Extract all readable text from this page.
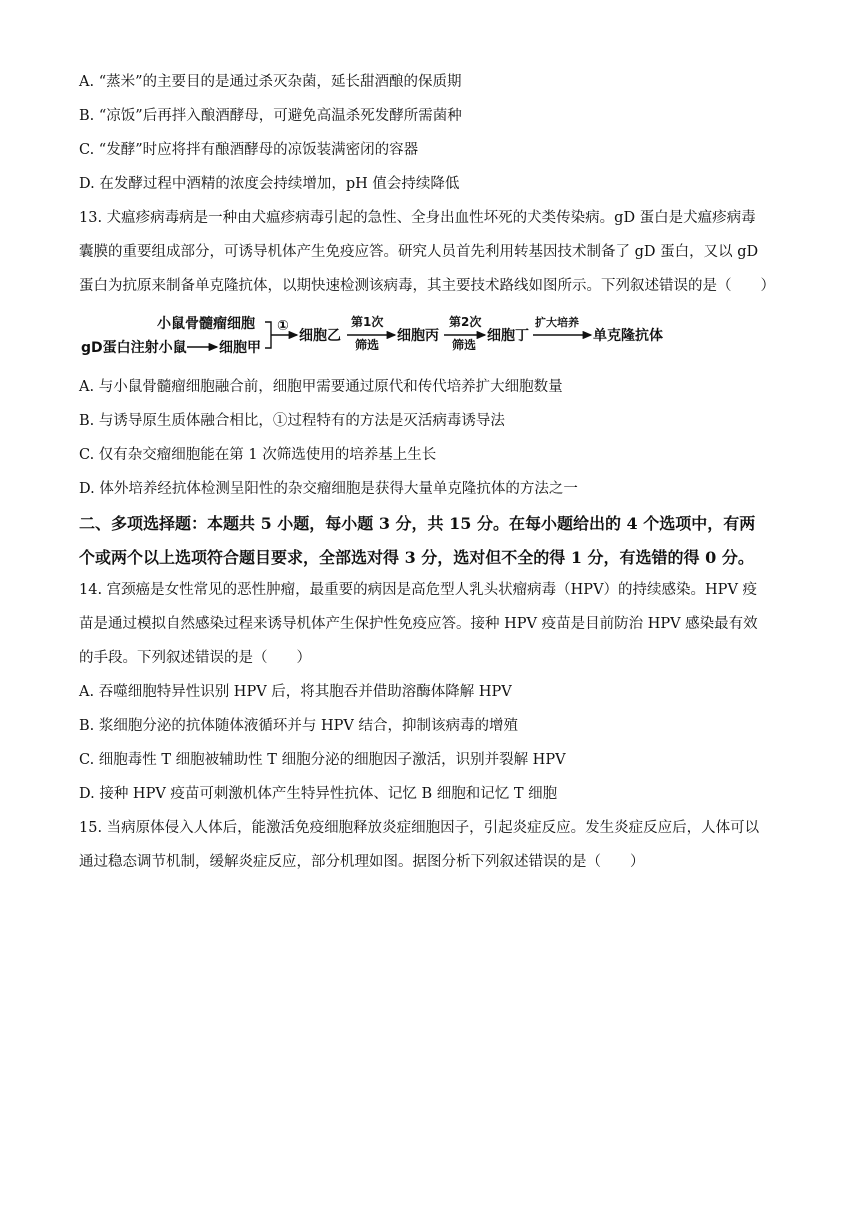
A. “蒸米”的主要目的是通过杀灭杂菌，延长甜酒酿的保质期
B. “凉饭”后再拌入酿酒酵母，可避免高温杀死发酵所需菌种
C. “发酵”时应将拌有酿酒酵母的凉饭装满密闭的容器
D. 在发酵过程中酒精的浓度会持续增加，pH 值会持续降低
13. 犬瘟疹病毒病是一种由犬瘟疹病毒引起的急性、全身出血性坏死的犬类传染病。gD 蛋白是犬瘟疹病毒
囊膜的重要组成部分，可诱导机体产生免疫应答。研究人员首先利用转基因技术制备了 gD 蛋白，又以 gD
蛋白为抗原来制备单克隆抗体，以期快速检测该病毒，其主要技术路线如图所示。下列叙述错误的是（　　）
小鼠骨髓瘤细胞
gD蛋白注射小鼠 细胞甲
①
细胞乙
第1次
筛选
细胞丙
第2次
筛选
细胞丁
扩大培养
单克隆抗体
A. 与小鼠骨髓瘤细胞融合前，细胞甲需要通过原代和传代培养扩大细胞数量
B. 与诱导原生质体融合相比，①过程特有的方法是灭活病毒诱导法
C. 仅有杂交瘤细胞能在第 1 次筛选使用的培养基上生长
D. 体外培养经抗体检测呈阳性的杂交瘤细胞是获得大量单克隆抗体的方法之一
二、多项选择题：本题共 5 小题，每小题 3 分，共 15 分。在每小题给出的 4 个选项中，有两
个或两个以上选项符合题目要求，全部选对得 3 分，选对但不全的得 1 分，有选错的得 0 分。
14. 宫颈癌是女性常见的恶性肿瘤，最重要的病因是高危型人乳头状瘤病毒（HPV）的持续感染。HPV 疫
苗是通过模拟自然感染过程来诱导机体产生保护性免疫应答。接种 HPV 疫苗是目前防治 HPV 感染最有效
的手段。下列叙述错误的是（　　）
A. 吞噬细胞特异性识别 HPV 后，将其胞吞并借助溶酶体降解 HPV
B. 浆细胞分泌的抗体随体液循环并与 HPV 结合，抑制该病毒的增殖
C. 细胞毒性 T 细胞被辅助性 T 细胞分泌的细胞因子激活，识别并裂解 HPV
D. 接种 HPV 疫苗可刺激机体产生特异性抗体、记忆 B 细胞和记忆 T 细胞
15. 当病原体侵入人体后，能激活免疫细胞释放炎症细胞因子，引起炎症反应。发生炎症反应后，人体可以
通过稳态调节机制，缓解炎症反应，部分机理如图。据图分析下列叙述错误的是（　　）
